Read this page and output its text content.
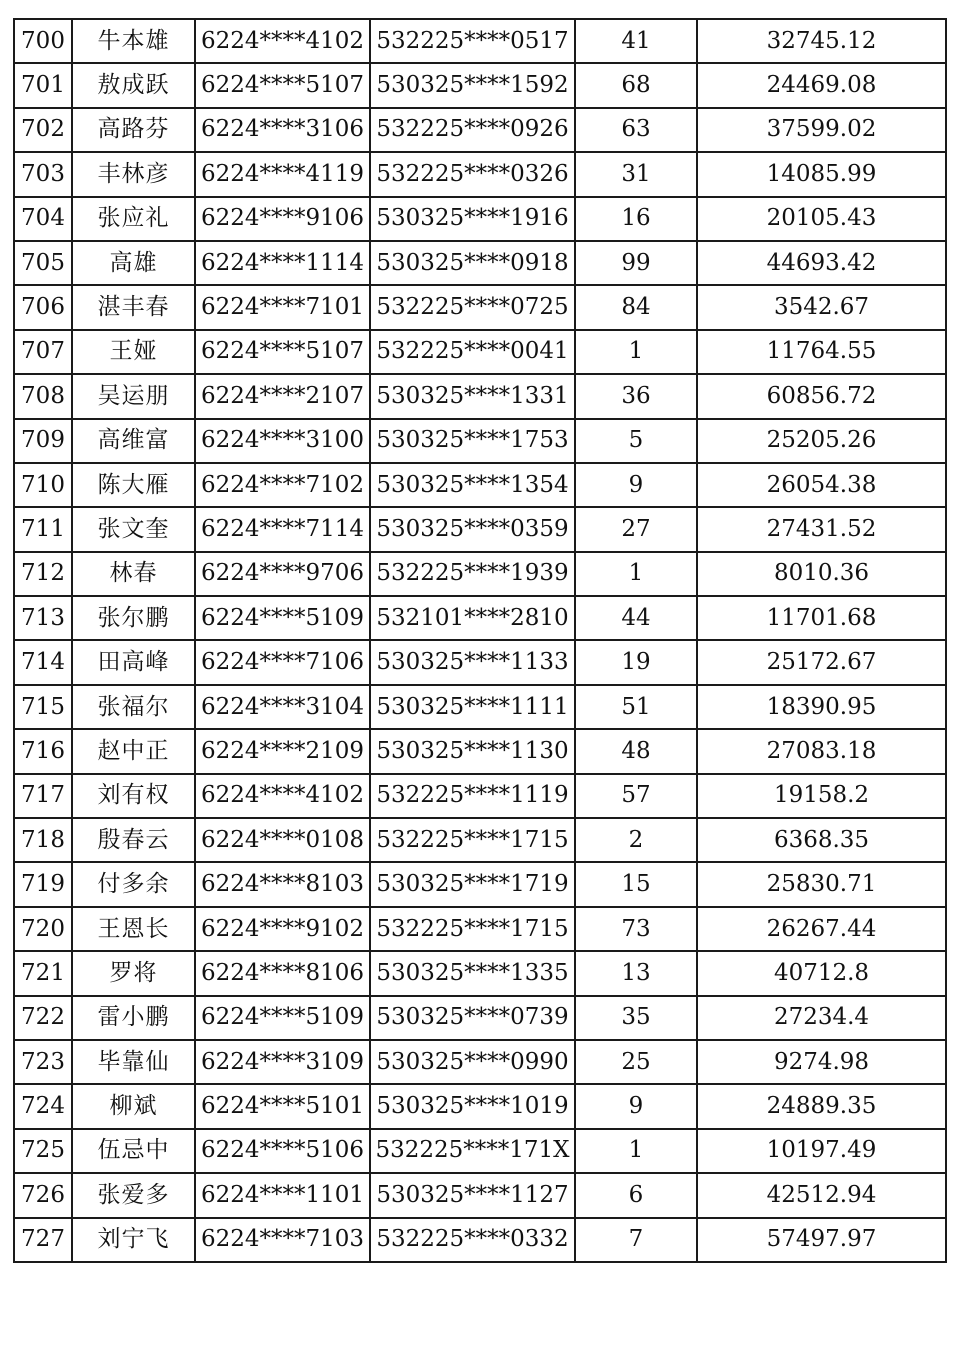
700	牛本雄	6224****4102	532225****0517	41	32745.12
701	敖成跃	6224****5107	530325****1592	68	24469.08
702	高路芬	6224****3106	532225****0926	63	37599.02
703	丰林彦	6224****4119	532225****0326	31	14085.99
704	张应礼	6224****9106	530325****1916	16	20105.43
705	高雄	6224****1114	530325****0918	99	44693.42
706	湛丰春	6224****7101	532225****0725	84	3542.67
707	王娅	6224****5107	532225****0041	1	11764.55
708	吴运朋	6224****2107	530325****1331	36	60856.72
709	高维富	6224****3100	530325****1753	5	25205.26
710	陈大雁	6224****7102	530325****1354	9	26054.38
711	张文奎	6224****7114	530325****0359	27	27431.52
712	林春	6224****9706	532225****1939	1	8010.36
713	张尔鹏	6224****5109	532101****2810	44	11701.68
714	田高峰	6224****7106	530325****1133	19	25172.67
715	张福尔	6224****3104	530325****1111	51	18390.95
716	赵中正	6224****2109	530325****1130	48	27083.18
717	刘有权	6224****4102	532225****1119	57	19158.2
718	殷春云	6224****0108	532225****1715	2	6368.35
719	付多余	6224****8103	530325****1719	15	25830.71
720	王恩长	6224****9102	532225****1715	73	26267.44
721	罗将	6224****8106	530325****1335	13	40712.8
722	雷小鹏	6224****5109	530325****0739	35	27234.4
723	毕靠仙	6224****3109	530325****0990	25	9274.98
724	柳斌	6224****5101	530325****1019	9	24889.35
725	伍忌中	6224****5106	532225****171X	1	10197.49
726	张爱多	6224****1101	530325****1127	6	42512.94
727	刘宁飞	6224****7103	532225****0332	7	57497.97
